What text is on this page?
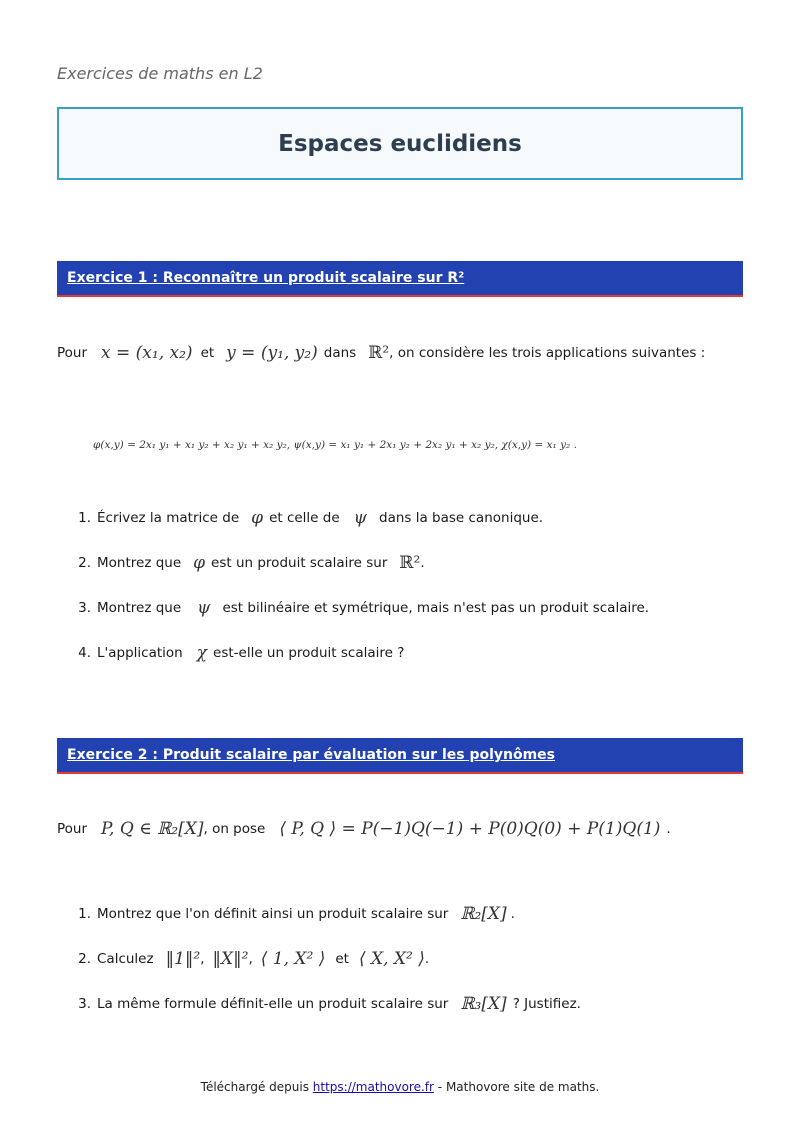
Exercices de maths en L2
Espaces euclidiens
Exercice 1 : Reconnaître un produit scalaire sur R²
Pour x = (x₁, x₂) et y = (y₁, y₂) dans ℝ² , on considère les trois applications suivantes :
φ(x,y) = 2x₁ y₁ + x₁ y₂ + x₂ y₁ + x₂ y₂, ψ(x,y) = x₁ y₁ + 2x₁ y₂ + 2x₂ y₁ + x₂ y₂, χ(x,y) = x₁ y₂ .
1. Écrivez la matrice de φ et celle de ψ dans la base canonique.
2. Montrez que φ est un produit scalaire sur ℝ² .
3. Montrez que ψ est bilinéaire et symétrique, mais n'est pas un produit scalaire.
4. L'application χ est-elle un produit scalaire ?
Exercice 2 : Produit scalaire par évaluation sur les polynômes
Pour P, Q ∈ ℝ₂[X] , on pose ⟨ P, Q ⟩ = P(−1)Q(−1) + P(0)Q(0) + P(1)Q(1) .
1. Montrez que l'on définit ainsi un produit scalaire sur ℝ₂[X] .
2. Calculez ‖1‖² , ‖X‖² , ⟨ 1, X² ⟩ et ⟨ X, X² ⟩ .
3. La même formule définit-elle un produit scalaire sur ℝ₃[X] ? Justifiez.
Téléchargé depuis https://mathovore.fr - Mathovore site de maths.
